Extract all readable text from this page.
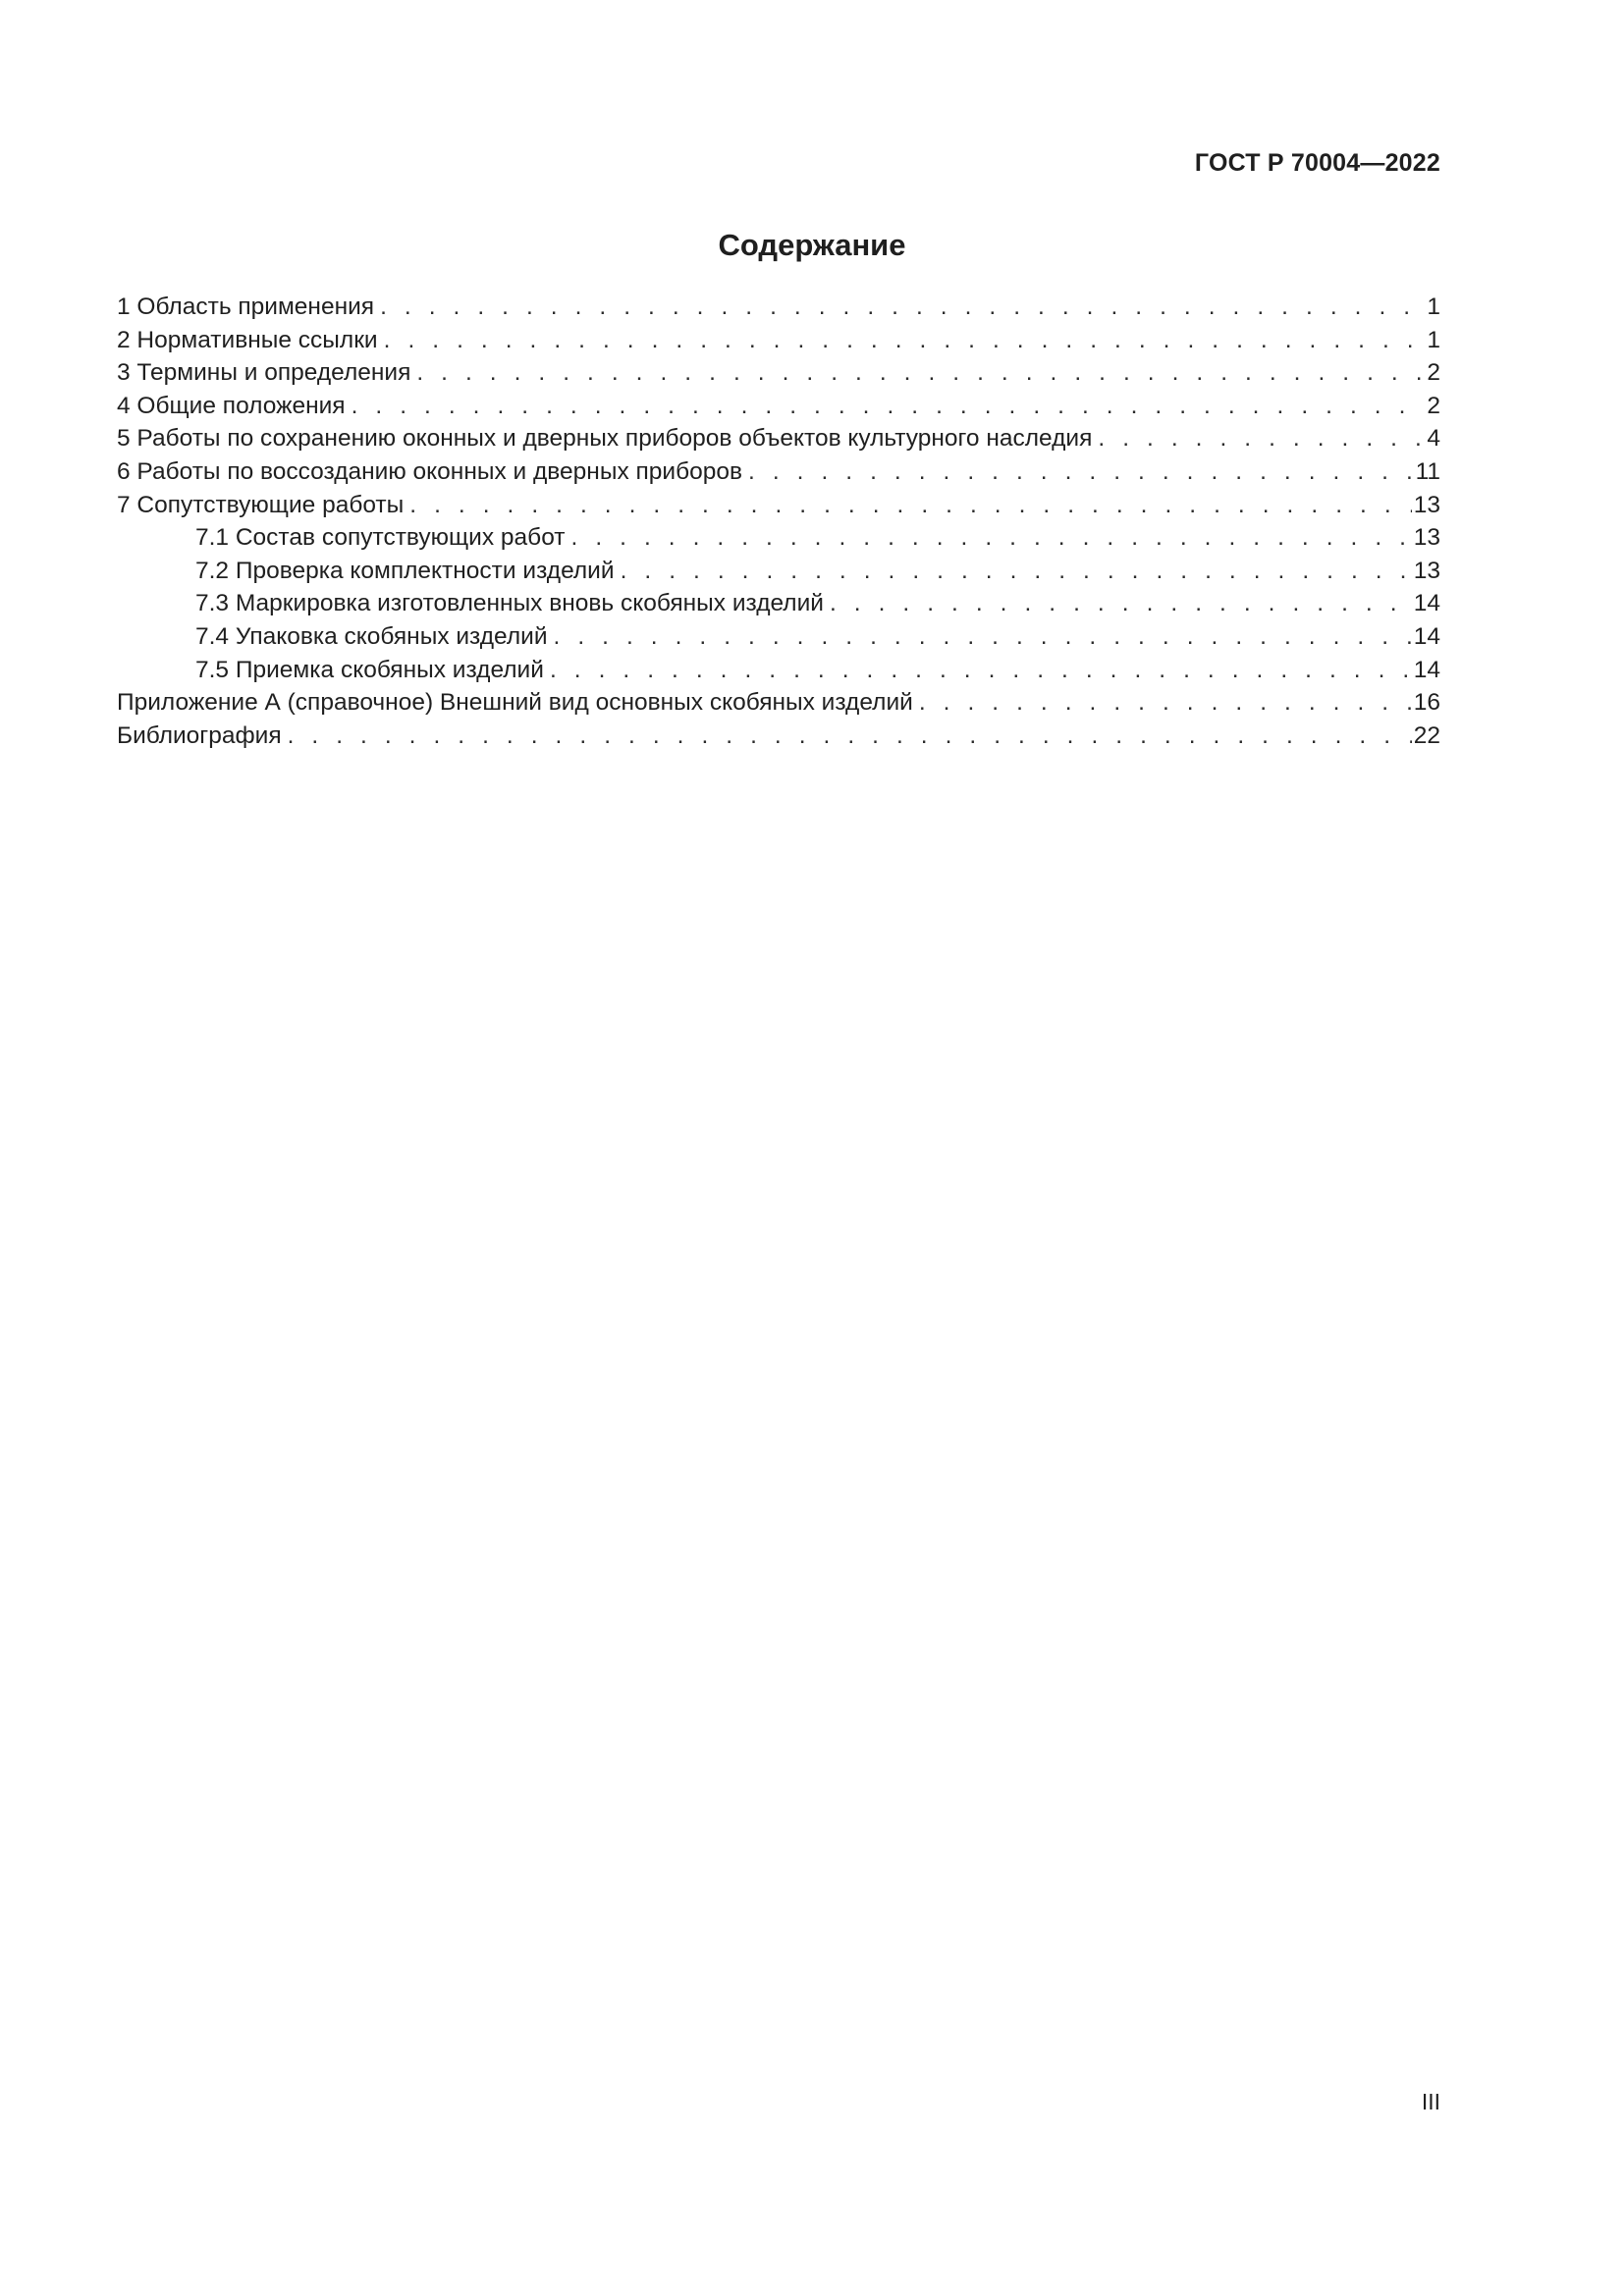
ГОСТ Р 70004—2022
Содержание
1 Область применения . . .	1
2 Нормативные ссылки . . .	1
3 Термины и определения . . .	2
4 Общие положения . . .	2
5 Работы по сохранению оконных и дверных приборов объектов культурного наследия . . .	4
6 Работы по воссозданию оконных и дверных приборов . . .	11
7 Сопутствующие работы . . .	13
7.1 Состав сопутствующих работ . . .	13
7.2 Проверка комплектности изделий . . .	13
7.3 Маркировка изготовленных вновь скобяных изделий . . .	14
7.4 Упаковка скобяных изделий . . .	14
7.5 Приемка скобяных изделий . . .	14
Приложение А (справочное) Внешний вид основных скобяных изделий . . .	16
Библиография . . .	22
III
